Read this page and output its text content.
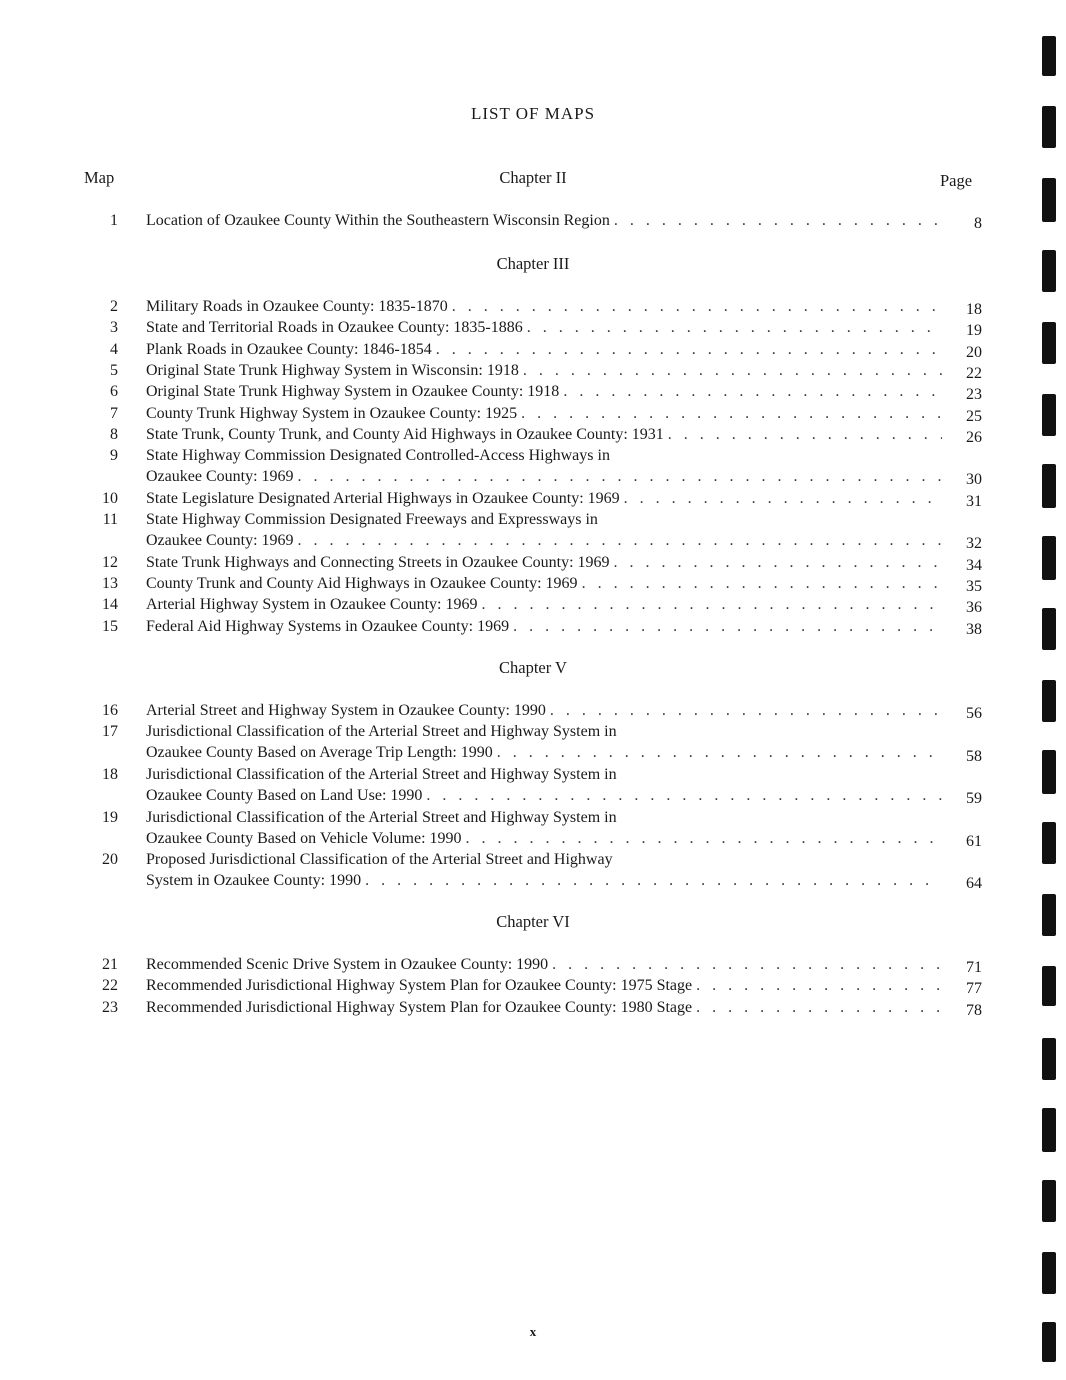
LIST OF MAPS
Map	Page
Chapter II
1 Location of Ozaukee County Within the Southeastern Wisconsin Region . . .	8
Chapter III
2 Military Roads in Ozaukee County: 1835-1870 . . .	18
3 State and Territorial Roads in Ozaukee County: 1835-1886 . . .	19
4 Plank Roads in Ozaukee County: 1846-1854 . . .	20
5 Original State Trunk Highway System in Wisconsin: 1918 . . .	22
6 Original State Trunk Highway System in Ozaukee County: 1918 . . .	23
7 County Trunk Highway System in Ozaukee County: 1925 . . .	25
8 State Trunk, County Trunk, and County Aid Highways in Ozaukee County: 1931 . . .	26
9 State Highway Commission Designated Controlled-Access Highways in
Ozaukee County: 1969 . . .	30
10 State Legislature Designated Arterial Highways in Ozaukee County: 1969 . . .	31
11 State Highway Commission Designated Freeways and Expressways in
Ozaukee County: 1969 . . .	32
12 State Trunk Highways and Connecting Streets in Ozaukee County: 1969 . . .	34
13 County Trunk and County Aid Highways in Ozaukee County: 1969 . . .	35
14 Arterial Highway System in Ozaukee County: 1969 . . .	36
15 Federal Aid Highway Systems in Ozaukee County: 1969 . . .	38
Chapter V
16 Arterial Street and Highway System in Ozaukee County: 1990 . . .	56
17 Jurisdictional Classification of the Arterial Street and Highway System in
Ozaukee County Based on Average Trip Length: 1990 . . .	58
18 Jurisdictional Classification of the Arterial Street and Highway System in
Ozaukee County Based on Land Use: 1990 . . .	59
19 Jurisdictional Classification of the Arterial Street and Highway System in
Ozaukee County Based on Vehicle Volume: 1990 . . .	61
20 Proposed Jurisdictional Classification of the Arterial Street and Highway
System in Ozaukee County: 1990 . . .	64
Chapter VI
21 Recommended Scenic Drive System in Ozaukee County: 1990 . . .	71
22 Recommended Jurisdictional Highway System Plan for Ozaukee County: 1975 Stage . . .	77
23 Recommended Jurisdictional Highway System Plan for Ozaukee County: 1980 Stage . . .	78
x
